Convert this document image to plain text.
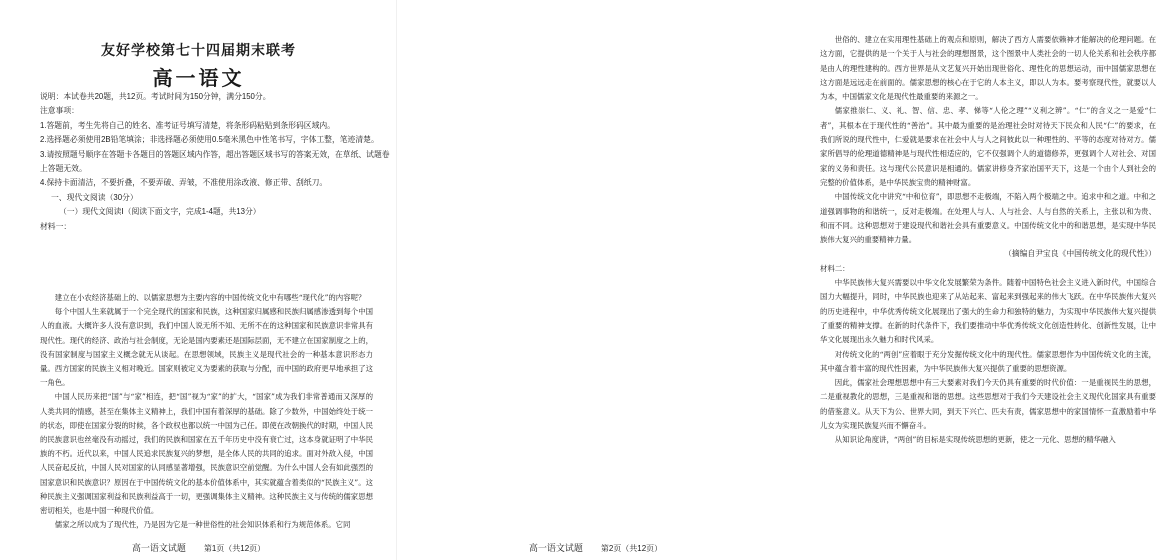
友好学校第七十四届期末联考
高一语文

说明：本试卷共20题，共12页。考试时间为150分钟，满分150分。

注意事项：

1.答题前，考生先将自己的姓名、准考证号填写清楚，将条形码粘贴到条形码区域内。

2.选择题必须使用2B铅笔填涂；非选择题必须使用0.5毫米黑色中性笔书写，字体工整，笔迹清楚。

3.请按照题号顺序在答题卡各题目的答题区域内作答，超出答题区域书写的答案无效，在草纸、试题卷上答题无效。

4.保持卡面清洁，不要折叠，不要弄破、弄皱，不准使用涂改液、修正带、刮纸刀。

一、现代文阅读（30分）

（一）现代文阅读Ⅰ（阅读下面文字，完成1-4题，共13分）

材料一：

建立在小农经济基础上的、以儒家思想为主要内容的中国传统文化中有哪些“现代化”的内容呢？

每个中国人生来就属于一个完全现代的国家和民族，这种国家归属感和民族归属感渗透到每个中国人的血液。大概许多人没有意识到，我们中国人说无所不知、无所不在的这种国家和民族意识非常具有现代性。现代的经济、政治与社会制度，无论是国内要素还是国际层面，无不建立在国家制度之上的，没有国家制度与国家主义概念就无从谈起。在思想领域，民族主义是现代社会的一种基本意识形态力量。西方国家的民族主义相对晚近。国家则被定义为要素的获取与分配，而中国的政府更早地承担了这一角色。

中国人民历来把“国”与“家”相连，把“国”视为“家”的扩大，“国家”成为我们非常普通而又深厚的人类共同的情感，甚至在集体主义精神上，我们中国有着深厚的基础。除了少数外，中国始终处于统一的状态，即使在国家分裂的时候，各个政权也都以统一中国为己任。即使在改朝换代的时期，中国人民的民族意识也丝毫没有动摇过，我们的民族和国家在五千年历史中没有衰亡过，这本身就证明了中华民族的不朽。近代以来，中国人民追求民族复兴的梦想，是全体人民的共同的追求。面对外敌入侵，中国人民奋起反抗，中国人民对国家的认同感显著增强，民族意识空前觉醒。为什么中国人会有如此强烈的国家意识和民族意识？原因在于中国传统文化的基本价值体系中，其实就蕴含着类似的“民族主义”。这种民族主义强调国家利益和民族利益高于一切，更强调集体主义精神。这种民族主义与传统的儒家思想密切相关，也是中国一种现代价值。

儒家之所以成为了现代性，乃是因为它是一种世俗性的社会知识体系和行为规范体系。它同

高一语文试题 第1页（共12页）

世俗的、建立在实用理性基础上的观点和原则，解决了西方人需要依赖神才能解决的伦理问题。在这方面，它提供的是一个关于人与社会的理想图景，这个图景中人类社会的一切人伦关系和社会秩序都是由人的理性建构的。西方世界是从文艺复兴开始出现世俗化、理性化的思想运动，而中国儒家思想在这方面是远远走在前面的。儒家思想的核心在于它的人本主义，即以人为本。要考察现代性，就要以人为本，中国儒家文化是现代性最重要的来源之一。

儒家推崇仁、义、礼、智、信、忠、孝、悌等“人伦之理”“义利之辨”。“仁”的含义之一是爱“仁者”，其根本在于现代性的“善治”。其中最为重要的是治理社会时对待天下民众和人民“仁”的要求，在我们所说的现代性中，仁爱就是要求在社会中人与人之间彼此以一种理性的、平等的态度对待对方。儒家所倡导的伦理道德精神是与现代性相适应的，它不仅强调个人的道德修养，更强调个人对社会、对国家的义务和责任。这与现代公民意识是相通的。儒家讲修身齐家治国平天下，这是一个由个人到社会的完整的价值体系，是中华民族宝贵的精神财富。

中国传统文化中讲究“中和位育”，即思想不走极端，不陷入两个极端之中。追求中和之道。中和之道强调事物的和谐统一，反对走极端。在处理人与人、人与社会、人与自然的关系上，主张以和为贵、和而不同。这种思想对于建设现代和谐社会具有重要意义。中国传统文化中的和谐思想，是实现中华民族伟大复兴的重要精神力量。

（摘编自尹宝良《中国传统文化的现代性》）

材料二：

中华民族伟大复兴需要以中华文化发展繁荣为条件。随着中国特色社会主义进入新时代，中国综合国力大幅提升，同时，中华民族也迎来了从站起来、富起来到强起来的伟大飞跃。在中华民族伟大复兴的历史进程中，中华优秀传统文化展现出了强大的生命力和独特的魅力，为实现中华民族伟大复兴提供了重要的精神支撑。在新的时代条件下，我们要推动中华优秀传统文化创造性转化、创新性发展，让中华文化展现出永久魅力和时代风采。

对传统文化的“两创”应着眼于充分发掘传统文化中的现代性。儒家思想作为中国传统文化的主流，其中蕴含着丰富的现代性因素，为中华民族伟大复兴提供了重要的思想资源。

因此，儒家社会理想思想中有三大要素对我们今天仍具有重要的时代价值：一是重视民生的思想，二是重视教化的思想，三是重视和谐的思想。这些思想对于我们今天建设社会主义现代化国家具有重要的借鉴意义。从天下为公、世界大同，到天下兴亡、匹夫有责，儒家思想中的家国情怀一直激励着中华儿女为实现民族复兴而不懈奋斗。

从知识论角度讲，“两创”的目标是实现传统思想的更新，使之一元化、思想的精华融入

高一语文试题 第2页（共12页）
